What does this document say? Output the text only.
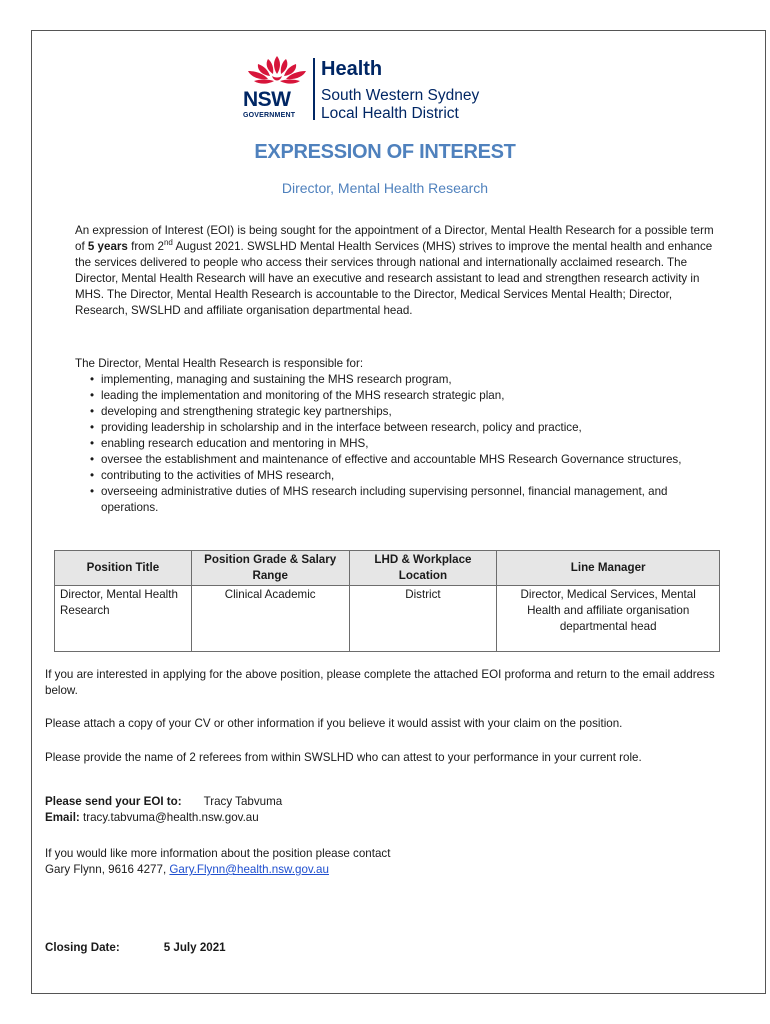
NSW
GOVERNMENT
Health
South Western Sydney
Local Health District
EXPRESSION OF INTEREST
Director, Mental Health Research
An expression of Interest (EOI) is being sought for the appointment of a Director, Mental Health Research for a possible term of 5 years from 2nd August 2021. SWSLHD Mental Health Services (MHS) strives to improve the mental health and enhance the services delivered to people who access their services through national and internationally acclaimed research. The Director, Mental Health Research will have an executive and research assistant to lead and strengthen research activity in MHS. The Director, Mental Health Research is accountable to the Director, Medical Services Mental Health; Director, Research, SWSLHD and affiliate organisation departmental head.
The Director, Mental Health Research is responsible for:
• implementing, managing and sustaining the MHS research program,
• leading the implementation and monitoring of the MHS research strategic plan,
• developing and strengthening strategic key partnerships,
• providing leadership in scholarship and in the interface between research, policy and practice,
• enabling research education and mentoring in MHS,
• oversee the establishment and maintenance of effective and accountable MHS Research Governance structures,
• contributing to the activities of MHS research,
• overseeing administrative duties of MHS research including supervising personnel, financial management, and operations.
Position Title	Position Grade & Salary Range	LHD & Workplace Location	Line Manager
Director, Mental Health Research	Clinical Academic	District	Director, Medical Services, Mental Health and affiliate organisation departmental head
If you are interested in applying for the above position, please complete the attached EOI proforma and return to the email address below.
Please attach a copy of your CV or other information if you believe it would assist with your claim on the position.
Please provide the name of 2 referees from within SWSLHD who can attest to your performance in your current role.
Please send your EOI to: Tracy Tabvuma
Email: tracy.tabvuma@health.nsw.gov.au
If you would like more information about the position please contact
Gary Flynn, 9616 4277, Gary.Flynn@health.nsw.gov.au
Closing Date:	5 July 2021
